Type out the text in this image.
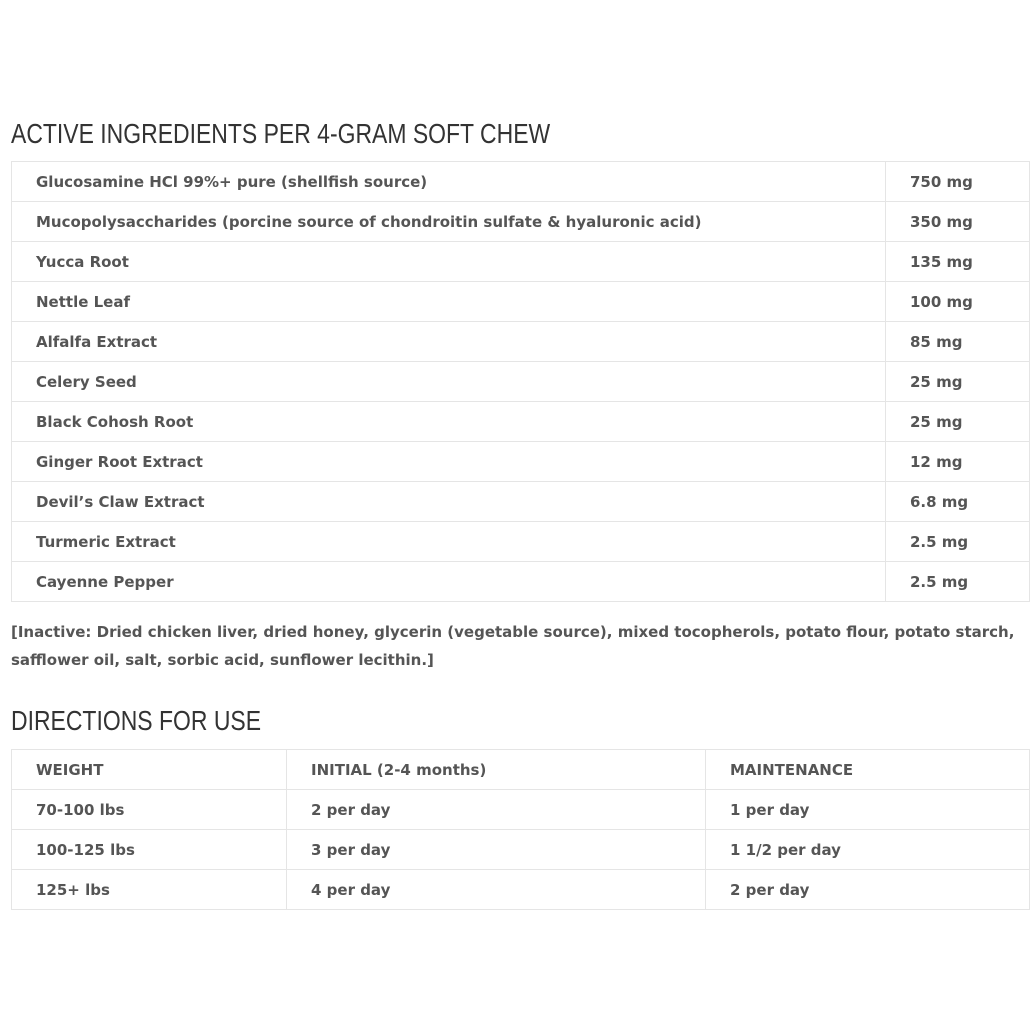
ACTIVE INGREDIENTS PER 4-GRAM SOFT CHEW
Glucosamine HCl 99%+ pure (shellfish source)	750 mg
Mucopolysaccharides (porcine source of chondroitin sulfate & hyaluronic acid)	350 mg
Yucca Root	135 mg
Nettle Leaf	100 mg
Alfalfa Extract	85 mg
Celery Seed	25 mg
Black Cohosh Root	25 mg
Ginger Root Extract	12 mg
Devil’s Claw Extract	6.8 mg
Turmeric Extract	2.5 mg
Cayenne Pepper	2.5 mg

[Inactive: Dried chicken liver, dried honey, glycerin (vegetable source), mixed tocopherols, potato flour, potato starch, safflower oil, salt, sorbic acid, sunflower lecithin.]

DIRECTIONS FOR USE
WEIGHT	INITIAL (2-4 months)	MAINTENANCE
70-100 lbs	2 per day	1 per day
100-125 lbs	3 per day	1 1/2 per day
125+ lbs	4 per day	2 per day
